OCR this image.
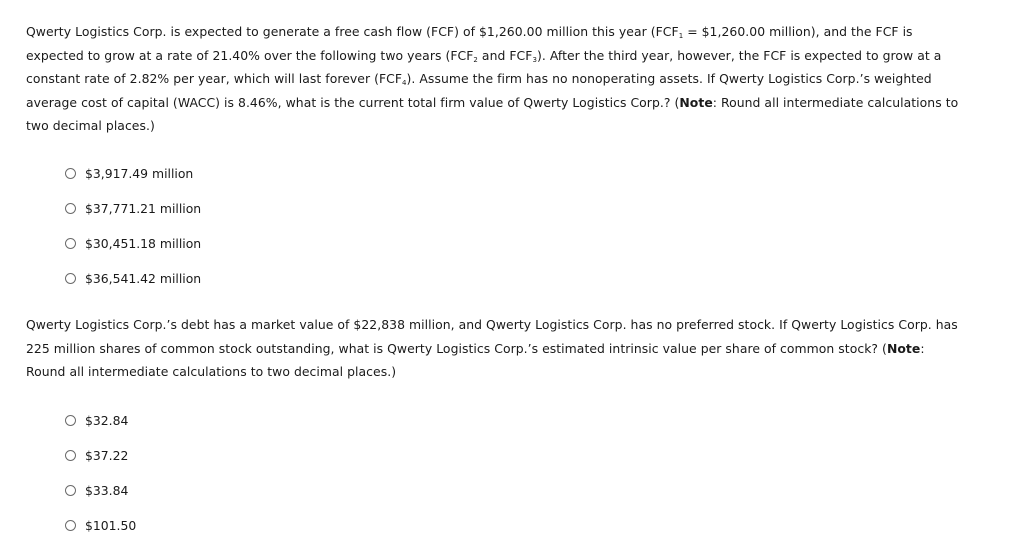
Qwerty Logistics Corp. is expected to generate a free cash flow (FCF) of $1,260.00 million this year ($FCF_1$ = $1,260.00 million), and the FCF is expected to grow at a rate of 21.40% over the following two years ($FCF_2$ and $FCF_3$). After the third year, however, the FCF is expected to grow at a constant rate of 2.82% per year, which will last forever $(FCF_4)$. Assume the firm has no nonoperating assets. If Qwerty Logistics Corp.’s weighted average cost of capital (WACC) is 8.46%, what is the current total firm value of Qwerty Logistics Corp.? (Note: Round all intermediate calculations to two decimal places.)

$3,917.49 million
$37,771.21 million
$30,451.18 million
$36,541.42 million

Qwerty Logistics Corp.’s debt has a market value of $22,838 million, and Qwerty Logistics Corp. has no preferred stock. If Qwerty Logistics Corp. has 225 million shares of common stock outstanding, what is Qwerty Logistics Corp.’s estimated intrinsic value per share of common stock? (Note: Round all intermediate calculations to two decimal places.)

$32.84
$37.22
$33.84
$101.50
